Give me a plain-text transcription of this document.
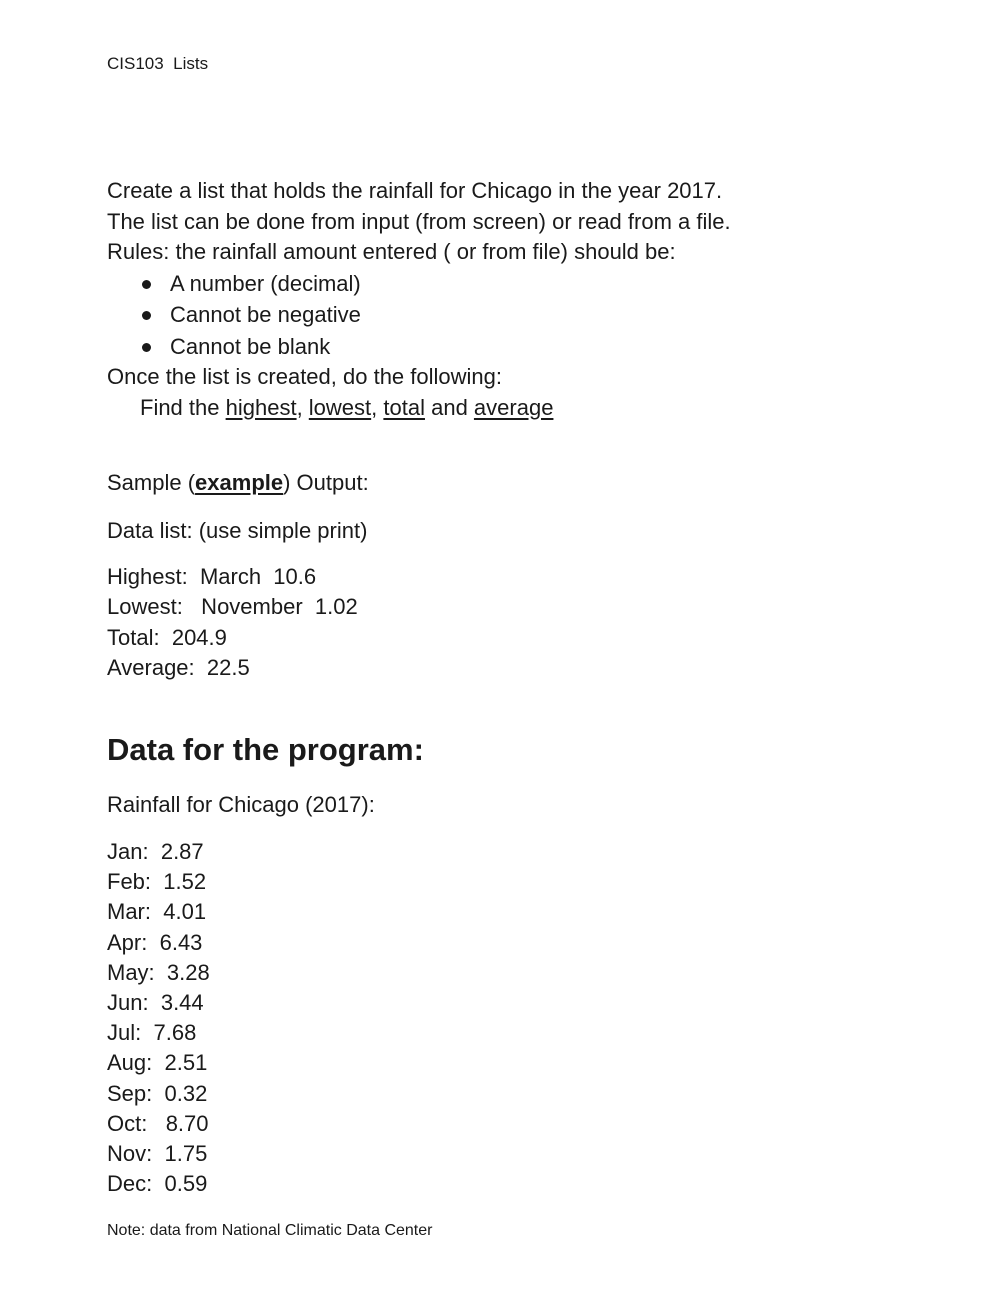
CIS103  Lists
Create a list that holds the rainfall for Chicago in the year 2017.
The list can be done from input (from screen) or read from a file.
Rules: the rainfall amount entered ( or from file) should be:
A number (decimal)
Cannot be negative
Cannot be blank
Once the list is created, do the following:
Find the highest, lowest, total and average
Sample (example) Output:
Data list: (use simple print)
Highest: March  10.6
Lowest:   November  1.02
Total: 204.9
Average: 22.5
Data for the program:
Rainfall for Chicago (2017):
Jan: 2.87
Feb: 1.52
Mar: 4.01
Apr: 6.43
May: 3.28
Jun: 3.44
Jul: 7.68
Aug: 2.51
Sep: 0.32
Oct:   8.70
Nov: 1.75
Dec: 0.59
Note: data from National Climatic Data Center
